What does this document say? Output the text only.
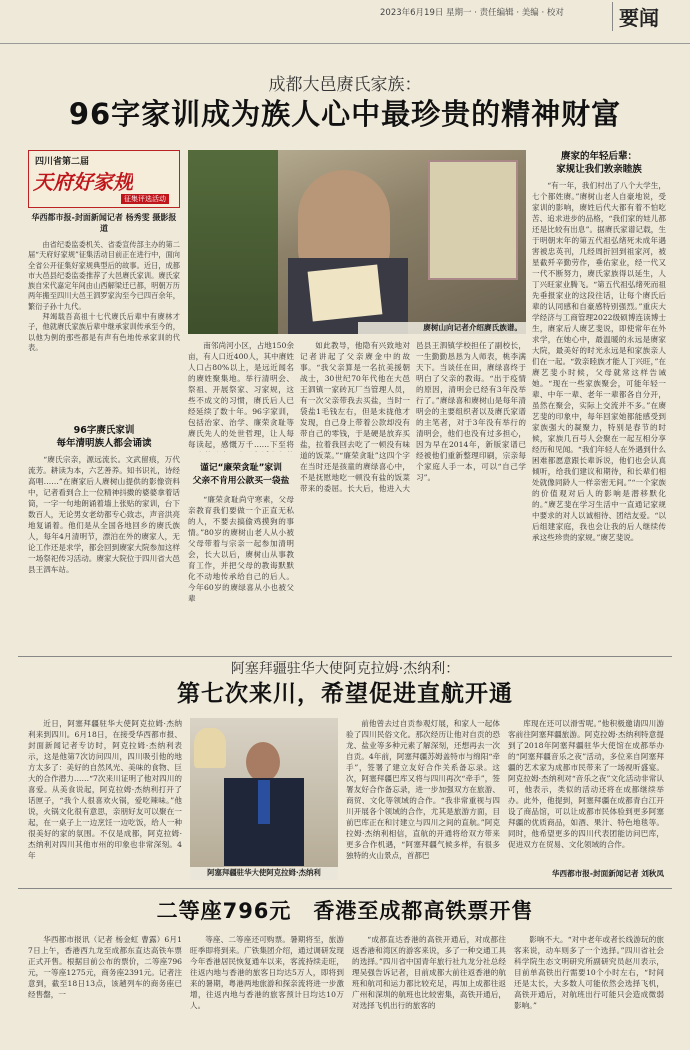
2023年6月19日 星期一 · 责任编辑 · 美编 · 校对	要闻
成都大邑赓氏家族：
96字家训成为族人心中最珍贵的精神财富
四川省第二届
天府好家规
征集评选活动
华西都市报-封面新闻记者 杨秀雯 摄影报道

由省纪委监委机关、省委宣传部主办的第二届“天府好家规”征集活动目前正在进行中，面向全省公开征集好家规典型后的故事。近日，成都市大邑县纪委监委推荐了大邑赓氏家训。赓氏家族自宋代嘉定年间由山西解梁迁已都，明朝万历两年搬至四川大邑王泗罗家沟至今已四百余年，繁衍子孙十九代。

拜竭载吾高祖十七代赓氏后辈中有赓林才子，他就赓氏家族后辈中继承家训传承至今的，以他为例的那些都是有声有色地传承家训的代表。

96字赓氏家训
每年清明族人都会诵读

“赓氏宗亲，源远流长。文武留痕，万代流芳。耕读为本，六艺善养。知书识礼，诗经高唱……”在赓家后人赓树山提供的影像资料中，记者看到合上一位精神抖擞的婆婆拿着话筒，一字一句地朗诵着墙上张贴的家训，台下数百人，无论男女老幼都专心致志，声音洪亮地复诵着。他们是从全国各地回乡的赓氏族人，每年4月清明节，漂泊在外的赓家人，无论工作还是求学，都会回到赓家大院参加这样一场祭祀传习活动。赓家大院位于四川省大邑县王泗车站。

赓树山向记者介绍赓氏族谱。

南邻尚河小区，占地150余亩，有人口近400人，其中赓姓人口占80%以上，是远近闻名的赓姓聚集地。举行清明会、祭祖、开展祭家、习家规，这些不成文的习惯，赓氏后人已经延续了数十年。96字家训，包括治家、治学、廉荣贪耻等赓氏先人的处世哲理，让人每每读起，感慨万千……下至将

谨记“廉荣贪耻”家训
父亲不肯用公款买一袋盐

“廉荣贪耻尚守寒素，父母亲教育我们要做一个正直无私的人，不要去搞偷鸡摸狗的事情。”80岁的赓树山老人从小被父母带着与宗亲一起参加清明会，长大以后，赓树山从事教育工作，并把父母的教诲默默化不动地传承给自己的后人。今年60岁的赓绿喜从小也被父辈

如此教导，他隐有兴致地对记者讲起了父亲赓金中的故事。“我父亲算是一名抗美援朝战士，30世纪70年代他在大邑王泗镇一家砖瓦厂当管理人员，有一次父亲带我去买盐，当时一袋盐1毛钱左右，但是未拢他才发现，自己身上带着公款却没有带自己的零钱，于是硬是放弃买盐，拉着我回去吃了一顿没有味道的饭菜。”“廉荣贪耻”这四个字在当时还是孩童的赓绿喜心中，不是抚慰地吃一顿没有盐的饭菜带来的委屈。长大后，他进入大邑县王泗镇学校担任了副校长，一生勤勤恳恳为人师表，桃李满天下。当谈任在田，赓绿喜终于明白了父亲的教诲。“出于疫情的原因，清明会已经有3年没举行了。”赓绿喜和赓树山是每年清明会的主要组织者以及赓氏家谱的主笔者，对于3年没有举行的清明会，他们也没有过多担心，因为早在2014年，新版家谱已经被他们重新整理印刷，宗亲每个家庭人手一本，可以“自己学习”。

赓家的年轻后辈：
家规让我们敦亲睦族

“有一年，我们村出了八个大学生，七个都姓赓。”赓树山老人自豪地说，受家训的影响，赓姓后代大都有着不怕吃苦、追求进步的品格，“我们家的娃儿都还是比较有出息”。据赓氏家谱记载，生于明朝末年的第五代祖弘绪死未成年遇害被忠英刊，几经周折回到祖家河，被星截歼辛勤劳作，垂佑家业，经一代又一代不断努力，赓氏家族得以延生，人丁兴旺家业腾飞。“第五代祖弘绪死而祖先垂报家业的这段往话，让每个赓氏后辈的认同感和自豪感特别强烈。”重庆大学经济与工商管理2022级硕博连读博士生，赓家后人赓艺斐说，即使常年在外求学，在她心中，最温暖的永远是赓家大院，最美好的时光永远是和家族亲人们在一起。“敦亲睦族才能人丁兴旺，”在赓艺斐小时候，父母就常这样告诫她。“现在一些家族聚会，可能年轻一辈、中年一辈、老年一辈都各自分开，虽然在聚会，实际上交流并不多。”在赓艺斐的印象中，每年回家她都能感受到家族强大的凝聚力，特别是春节的时候，家族几百号人会聚在一起互相分享经历和见闻。“我们年轻人在外遇到什么困难都愿意跟长辈诉说，他们也会认真倾听，给我们建议和期待，和长辈们相处就像同龄人一样亲密无间。”“一个家族的价值观对后人的影响是潜移默化的。”赓艺斐在学习生活中一直通记家规中要求的对人以诚相待、团结友爱。“以后组建家庭，我也会让我的后人继续传承这些珍贵的家规。”赓艺斐说。

阿塞拜疆驻华大使阿克拉姆·杰纳利：
第七次来川，希望促进直航开通

近日，阿塞拜疆驻华大使阿克拉姆·杰纳利来到四川。6月18日，在接受华西都市报、封面新闻记者专访时，阿克拉姆·杰纳利表示，这是他第7次访问四川，四川吸引他的地方太多了：美好的自然风光、美味的食物、巨大的合作潜力……“7次来川证明了他对四川的喜爱。从美食说起，阿克拉姆·杰纳利打开了话匣子，“我个人很喜欢火锅，爱吃辣味。”他说，火锅文化很有意思，亲朋好友可以聚在一起，在一桌子上一边烹饪一边吃饭，给人一种很美好的家的氛围。不仅是成都，阿克拉姆·杰纳利对四川其他市州的印象也非常深刻。4年

阿塞拜疆驻华大使阿克拉姆·杰纳利

前他曾去过自贡参观灯展，和家人一起体验了四川民俗文化。那次经历让他对自贡的恐龙、盐业等多种元素了解深刻，还想再去一次自贡。4年前，阿塞拜疆苏姆盖特市与绵阳“牵手”，签署了建立友好合作关系备忘录。这次，阿塞拜疆巴库又将与四川再次“牵手”，签署友好合作备忘录，进一步加强双方在旅游、商贸、文化等领域的合作。“我非常重视与四川开展各个领域的合作，尤其是旅游方面，目前巴库正在和讨建立与四川之间的直航。”阿克拉姆·杰纳利相信，直航的开通将给双方带来更多合作机遇，“阿塞拜疆气候多样，有很多独特的火山景点，首都巴

库现在还可以滑雪呢。”他积极邀请四川游客前往阿塞拜疆旅游。阿克拉姆·杰纳利特意提到了2018年阿塞拜疆驻华大使馆在成都举办的“阿塞拜疆音乐之夜”活动，多位来自阿塞拜疆的艺术家为成都市民带来了一场视听盛宴。阿克拉姆·杰纳利对“音乐之夜”文化活动非常认可，他表示，类似的活动还将在成都继续举办。此外，他提到，阿塞拜疆在成都青白江开设了商品馆，可以让成都市民体验到更多阿塞拜疆的优质商品，如酒、果汁、特色地毯等。同时，他希望更多的四川代表团能访问巴库，促进双方在贸易、文化领域的合作。

华西都市报-封面新闻记者 刘秋凤
二等座796元　香港至成都高铁票开售

华西都市报讯（记者 杨金虹 曹露）6月17日上午，香港西九龙至成都东直达高铁车票正式开售。根据目前公布的票价，二等座796元，一等座1275元，商务座2391元。记者注意到，截至18日13点，该趟列车的商务座已经售罄，一

等座、二等座还可购票。暑期将至，旅游旺季即将到来。广铁集团介绍，通过调研发现今年香港居民恢复通车以来，客流持续走旺，往返内地与香港的旅客日均达5万人，即将到来的暑期，粤港两地旅游和探亲流将进一步激增，往返内地与香港的旅客预计日均达10万人。

“成都直达香港的高铁开通后，对成都往返香港和湾区的游客来说，多了一种交通工具的选择。”四川省中国青年旅行社九龙分社总经理吴强告诉记者，目前成都大前往返香港的航班和航司和运力都比较充足，再加上成都往返广州和深圳的航班也比较密集，高铁开通后，对选择飞机出行的旅客的

影响不大。“对中老年或者长线游玩的旅客来说，动车则多了一个选择。”四川省社会科学院生态文明研究所副研究员赵川表示，目前单高铁出行需要10个小时左右，“时间还是太长，大多数人可能依然会选择飞机，高铁开通后，对航班出行可能只会造成微弱影响。”
